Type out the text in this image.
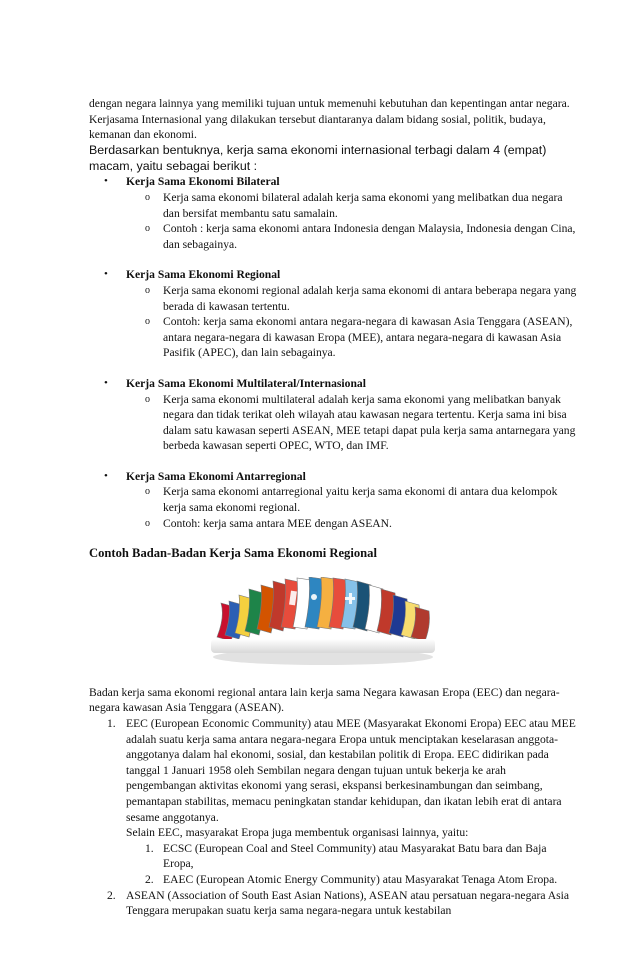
dengan negara lainnya yang memiliki tujuan untuk memenuhi kebutuhan dan kepentingan antar negara.

Kerjasama Internasional yang dilakukan tersebut diantaranya dalam bidang sosial, politik, budaya, kemanan dan ekonomi.

Berdasarkan bentuknya, kerja sama ekonomi internasional terbagi dalam 4 (empat) macam, yaitu sebagai berikut :

• Kerja Sama Ekonomi Bilateral
o Kerja sama ekonomi bilateral adalah kerja sama ekonomi yang melibatkan dua negara dan bersifat membantu satu samalain.
o Contoh : kerja sama ekonomi antara Indonesia dengan Malaysia, Indonesia dengan Cina, dan sebagainya.
• Kerja Sama Ekonomi Regional
o Kerja sama ekonomi regional adalah kerja sama ekonomi di antara beberapa negara yang berada di kawasan tertentu.
o Contoh: kerja sama ekonomi antara negara-negara di kawasan Asia Tenggara (ASEAN), antara negara-negara di kawasan Eropa (MEE), antara negara-negara di kawasan Asia Pasifik (APEC), dan lain sebagainya.
• Kerja Sama Ekonomi Multilateral/Internasional
o Kerja sama ekonomi multilateral adalah kerja sama ekonomi yang melibatkan banyak negara dan tidak terikat oleh wilayah atau kawasan negara tertentu. Kerja sama ini bisa dalam satu kawasan seperti ASEAN, MEE tetapi dapat pula kerja sama antarnegara yang berbeda kawasan seperti OPEC, WTO, dan IMF.
• Kerja Sama Ekonomi Antarregional
o Kerja sama ekonomi antarregional yaitu kerja sama ekonomi di antara dua kelompok kerja sama ekonomi regional.
o Contoh: kerja sama antara MEE dengan ASEAN.
Contoh Badan-Badan Kerja Sama Ekonomi Regional

Badan kerja sama ekonomi regional antara lain kerja sama Negara kawasan Eropa (EEC) dan negara-negara kawasan Asia Tenggara (ASEAN).

1. EEC (European Economic Community) atau MEE (Masyarakat Ekonomi Eropa) EEC atau MEE adalah suatu kerja sama antara negara-negara Eropa untuk menciptakan keselarasan anggota-anggotanya dalam hal ekonomi, sosial, dan kestabilan politik di Eropa. EEC didirikan pada tanggal 1 Januari 1958 oleh Sembilan negara dengan tujuan untuk bekerja ke arah pengembangan aktivitas ekonomi yang serasi, ekspansi berkesinambungan dan seimbang, pemantapan stabilitas, memacu peningkatan standar kehidupan, dan ikatan lebih erat di antara sesame anggotanya.
Selain EEC, masyarakat Eropa juga membentuk organisasi lainnya, yaitu:
1. ECSC (European Coal and Steel Community) atau Masyarakat Batu bara dan Baja Eropa,
2. EAEC (European Atomic Energy Community) atau Masyarakat Tenaga Atom Eropa.
2. ASEAN (Association of South East Asian Nations), ASEAN atau persatuan negara-negara Asia Tenggara merupakan suatu kerja sama negara-negara untuk kestabilan
